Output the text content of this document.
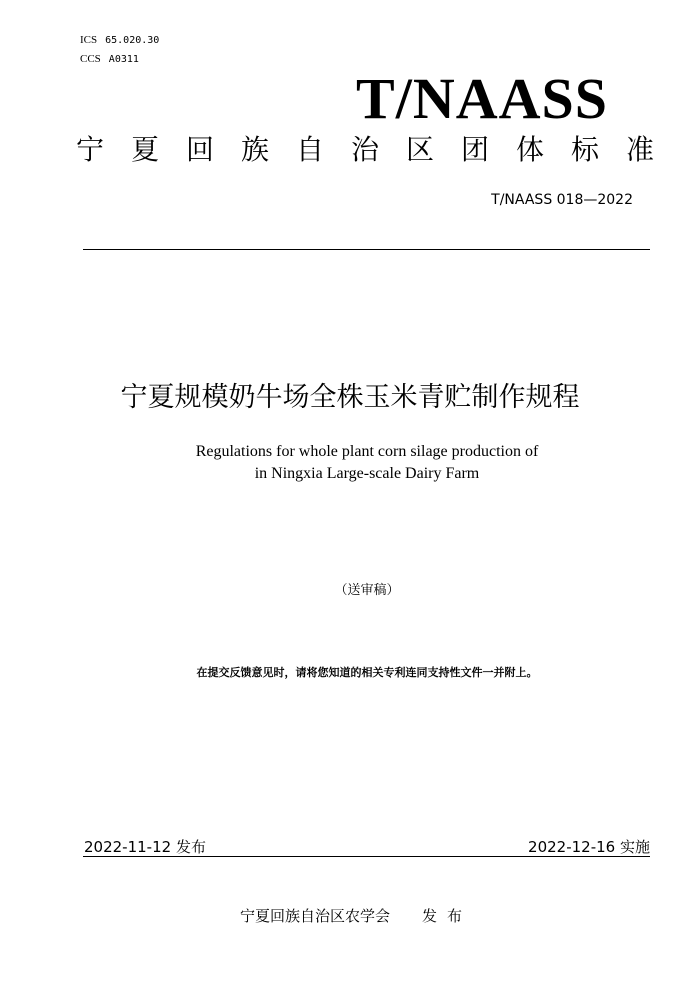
ICS 65.020.30
CCS A0311
T/NAASS
宁夏回族自治区团体标准
T/NAASS 018—2022
宁夏规模奶牛场全株玉米青贮制作规程
Regulations for whole plant corn silage production of
in Ningxia Large-scale Dairy Farm
（送审稿）
在提交反馈意见时，请将您知道的相关专利连同支持性文件一并附上。
2022-11-12 发布	2022-12-16 实施
宁夏回族自治区农学会 发布
